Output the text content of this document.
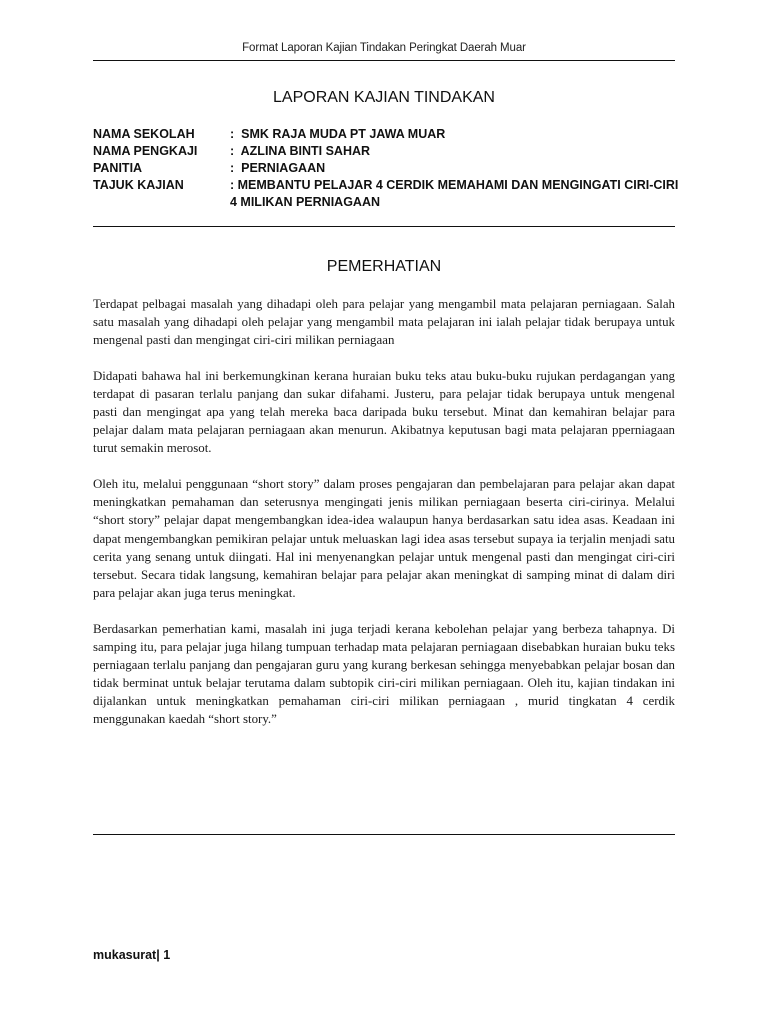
Format Laporan Kajian Tindakan Peringkat Daerah Muar
LAPORAN KAJIAN TINDAKAN
NAMA SEKOLAH	:  SMK RAJA MUDA PT JAWA MUAR
NAMA PENGKAJI	:  AZLINA BINTI SAHAR
PANITIA	:  PERNIAGAAN
TAJUK KAJIAN	: MEMBANTU PELAJAR 4 CERDIK MEMAHAMI DAN MENGINGATI CIRI-CIRI
4 MILIKAN PERNIAGAAN
PEMERHATIAN

Terdapat pelbagai masalah yang dihadapi oleh para pelajar yang mengambil mata pelajaran perniagaan. Salah satu masalah yang dihadapi oleh pelajar yang mengambil mata pelajaran ini ialah pelajar tidak berupaya untuk mengenal pasti dan mengingat ciri-ciri milikan perniagaan

Didapati bahawa hal ini berkemungkinan kerana huraian buku teks atau buku-buku rujukan perdagangan yang terdapat di pasaran terlalu panjang dan sukar difahami. Justeru, para pelajar tidak berupaya untuk mengenal pasti dan mengingat apa yang telah mereka baca daripada buku tersebut. Minat dan kemahiran belajar para pelajar dalam mata pelajaran perniagaan akan menurun. Akibatnya keputusan bagi mata pelajaran pperniagaan turut semakin merosot.

Oleh itu, melalui penggunaan “short story” dalam proses pengajaran dan pembelajaran para pelajar akan dapat meningkatkan pemahaman dan seterusnya mengingati jenis milikan perniagaan beserta ciri-cirinya. Melalui “short story” pelajar dapat mengembangkan idea-idea walaupun hanya berdasarkan satu idea asas. Keadaan ini dapat mengembangkan pemikiran pelajar untuk meluaskan lagi idea asas tersebut supaya ia terjalin menjadi satu cerita yang senang untuk diingati. Hal ini menyenangkan pelajar untuk mengenal pasti dan mengingat ciri-ciri tersebut. Secara tidak langsung, kemahiran belajar para pelajar akan meningkat di samping minat di dalam diri para pelajar akan juga terus meningkat.

Berdasarkan pemerhatian kami, masalah ini juga terjadi kerana kebolehan pelajar yang berbeza tahapnya. Di samping itu, para pelajar juga hilang tumpuan terhadap mata pelajaran perniagaan disebabkan huraian buku teks perniagaan terlalu panjang dan pengajaran guru yang kurang berkesan sehingga menyebabkan pelajar bosan dan tidak berminat untuk belajar terutama dalam subtopik ciri-ciri milikan perniagaan. Oleh itu, kajian tindakan ini dijalankan untuk meningkatkan pemahaman ciri-ciri milikan perniagaan , murid tingkatan 4 cerdik menggunakan kaedah “short story.”

mukasurat| 1
